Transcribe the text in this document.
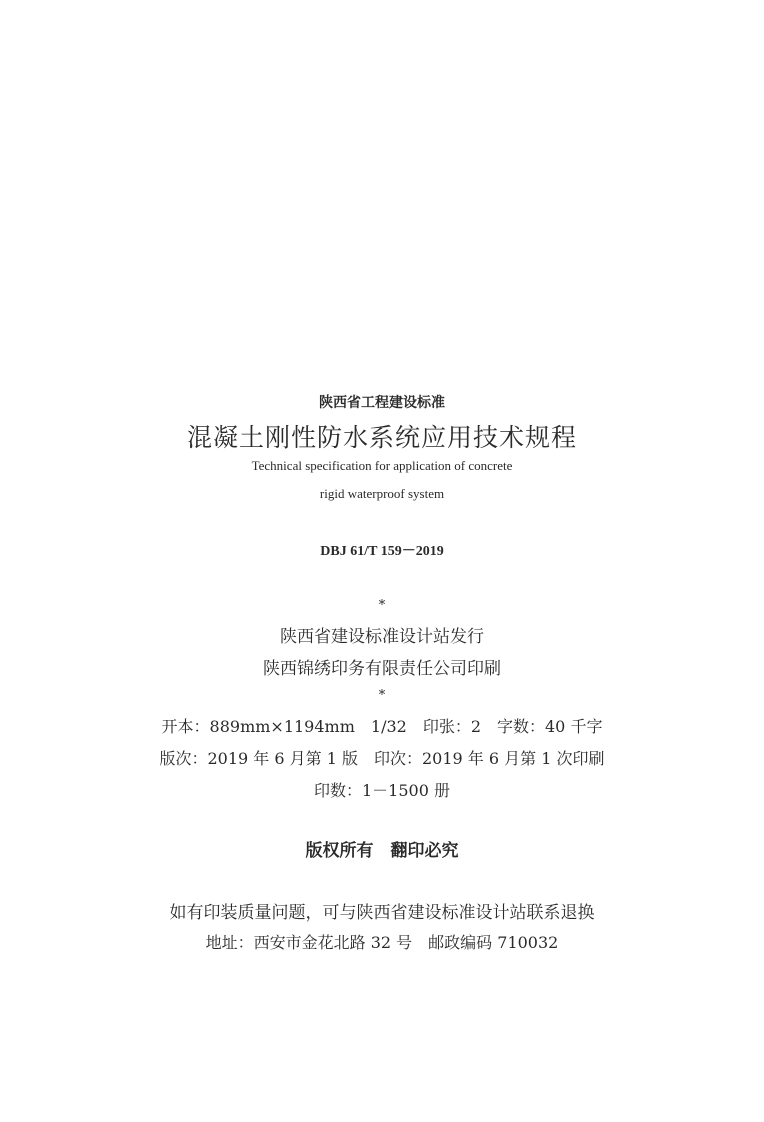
陕西省工程建设标准
混凝土刚性防水系统应用技术规程
Technical specification for application of concrete
rigid waterproof system
DBJ 61/T 159－2019
*
陕西省建设标准设计站发行
陕西锦绣印务有限责任公司印刷
*
开本：889mm×1194mm　1/32　印张：2　字数：40 千字
版次：2019 年 6 月第 1 版　印次：2019 年 6 月第 1 次印刷
印数：1－1500 册
版权所有　翻印必究
如有印装质量问题，可与陕西省建设标准设计站联系退换
地址：西安市金花北路 32 号　邮政编码 710032
